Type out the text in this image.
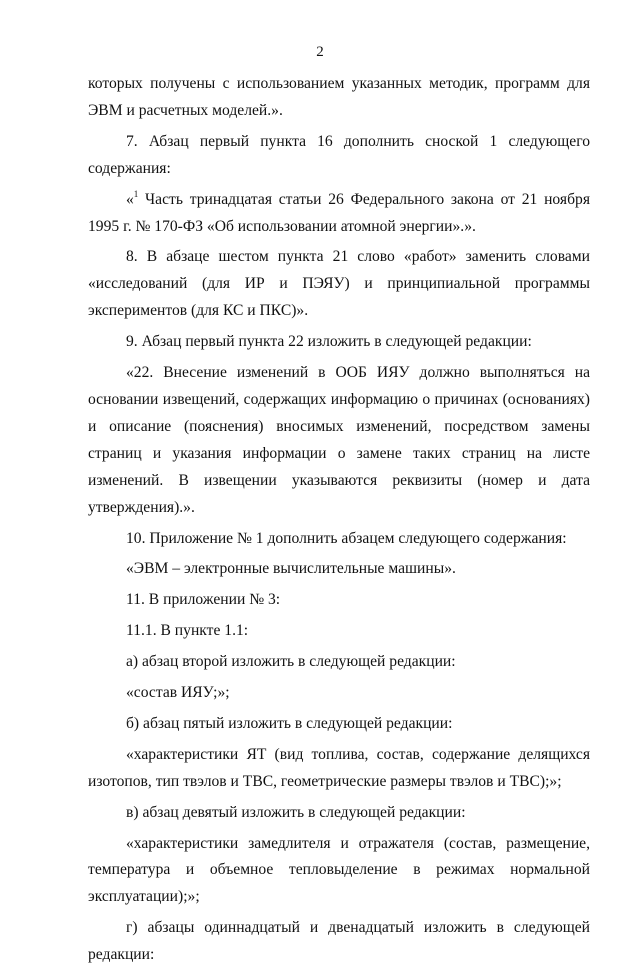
2

которых получены с использованием указанных методик, программ для ЭВМ и расчетных моделей.».

7. Абзац первый пункта 16 дополнить сноской 1 следующего содержания:

«$^1$ Часть тринадцатая статьи 26 Федерального закона от 21 ноября 1995 г. № 170-ФЗ «Об использовании атомной энергии».».

8. В абзаце шестом пункта 21 слово «работ» заменить словами «исследований (для ИР и ПЭЯУ) и принципиальной программы экспериментов (для КС и ПКС)».

9. Абзац первый пункта 22 изложить в следующей редакции:

«22. Внесение изменений в ООБ ИЯУ должно выполняться на основании извещений, содержащих информацию о причинах (основаниях) и описание (пояснения) вносимых изменений, посредством замены страниц и указания информации о замене таких страниц на листе изменений. В извещении указываются реквизиты (номер и дата утверждения).».

10. Приложение № 1 дополнить абзацем следующего содержания:

«ЭВМ – электронные вычислительные машины».

11. В приложении № 3:

11.1. В пункте 1.1:

а) абзац второй изложить в следующей редакции:

«состав ИЯУ;»;

б) абзац пятый изложить в следующей редакции:

«характеристики ЯТ (вид топлива, состав, содержание делящихся изотопов, тип твэлов и ТВС, геометрические размеры твэлов и ТВС);»;

в) абзац девятый изложить в следующей редакции:

«характеристики замедлителя и отражателя (состав, размещение, температура и объемное тепловыделение в режимах нормальной эксплуатации);»;

г) абзацы одиннадцатый и двенадцатый изложить в следующей редакции:
